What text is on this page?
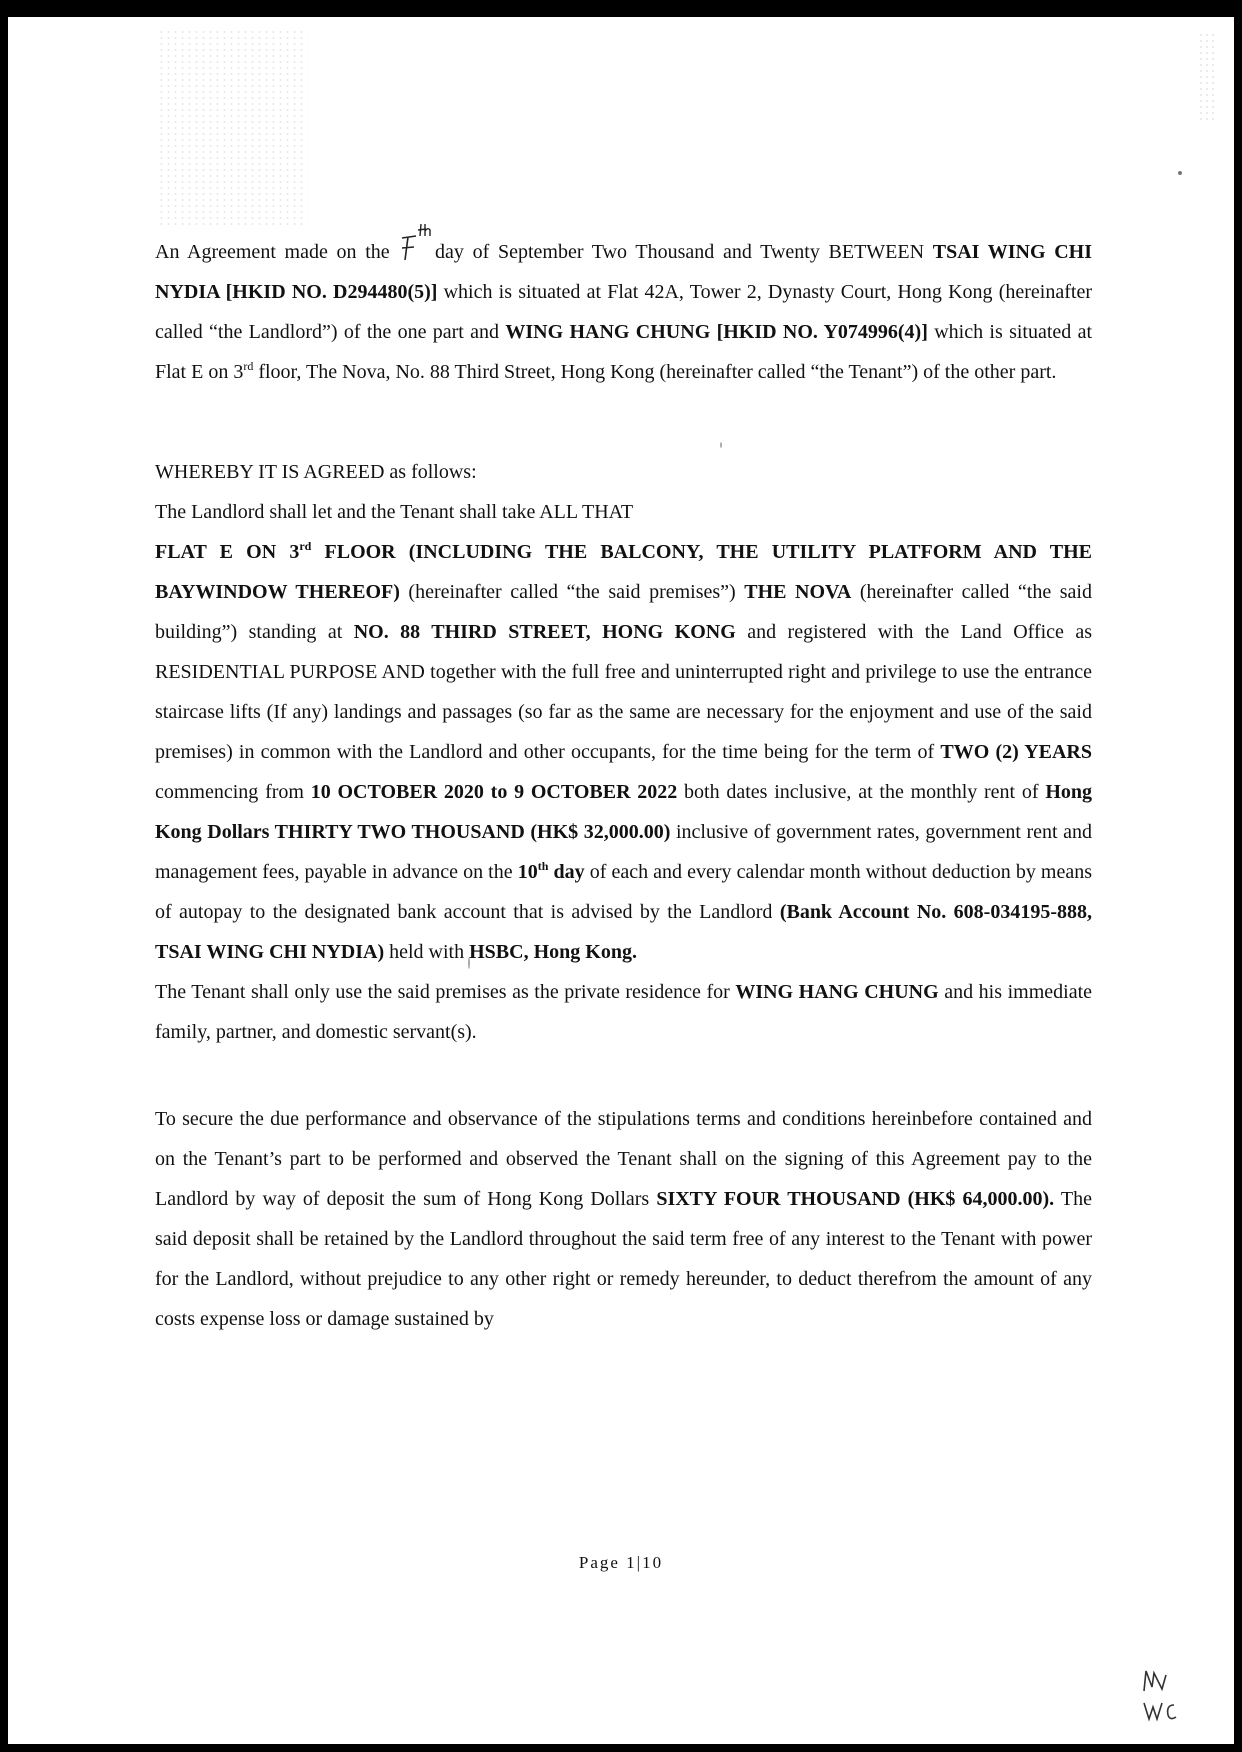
An Agreement made on the day of September Two Thousand and Twenty BETWEEN TSAI WING CHI NYDIA [HKID NO. D294480(5)] which is situated at Flat 42A, Tower 2, Dynasty Court, Hong Kong (hereinafter called “the Landlord”) of the one part and WING HANG CHUNG [HKID NO. Y074996(4)] which is situated at Flat E on 3rd floor, The Nova, No. 88 Third Street, Hong Kong (hereinafter called “the Tenant”) of the other part.

WHEREBY IT IS AGREED as follows:

The Landlord shall let and the Tenant shall take ALL THAT

FLAT E ON 3rd FLOOR (INCLUDING THE BALCONY, THE UTILITY PLATFORM AND THE BAYWINDOW THEREOF) (hereinafter called “the said premises”) THE NOVA (hereinafter called “the said building”) standing at NO. 88 THIRD STREET, HONG KONG and registered with the Land Office as RESIDENTIAL PURPOSE AND together with the full free and uninterrupted right and privilege to use the entrance staircase lifts (If any) landings and passages (so far as the same are necessary for the enjoyment and use of the said premises) in common with the Landlord and other occupants, for the time being for the term of TWO (2) YEARS commencing from 10 OCTOBER 2020 to 9 OCTOBER 2022 both dates inclusive, at the monthly rent of Hong Kong Dollars THIRTY TWO THOUSAND (HK$ 32,000.00) inclusive of government rates, government rent and management fees, payable in advance on the 10th day of each and every calendar month without deduction by means of autopay to the designated bank account that is advised by the Landlord (Bank Account No. 608-034195-888, TSAI WING CHI NYDIA) held with HSBC, Hong Kong.

The Tenant shall only use the said premises as the private residence for WING HANG CHUNG and his immediate family, partner, and domestic servant(s).

To secure the due performance and observance of the stipulations terms and conditions hereinbefore contained and on the Tenant’s part to be performed and observed the Tenant shall on the signing of this Agreement pay to the Landlord by way of deposit the sum of Hong Kong Dollars SIXTY FOUR THOUSAND (HK$ 64,000.00). The said deposit shall be retained by the Landlord throughout the said term free of any interest to the Tenant with power for the Landlord, without prejudice to any other right or remedy hereunder, to deduct therefrom the amount of any costs expense loss or damage sustained by

Page 1|10
